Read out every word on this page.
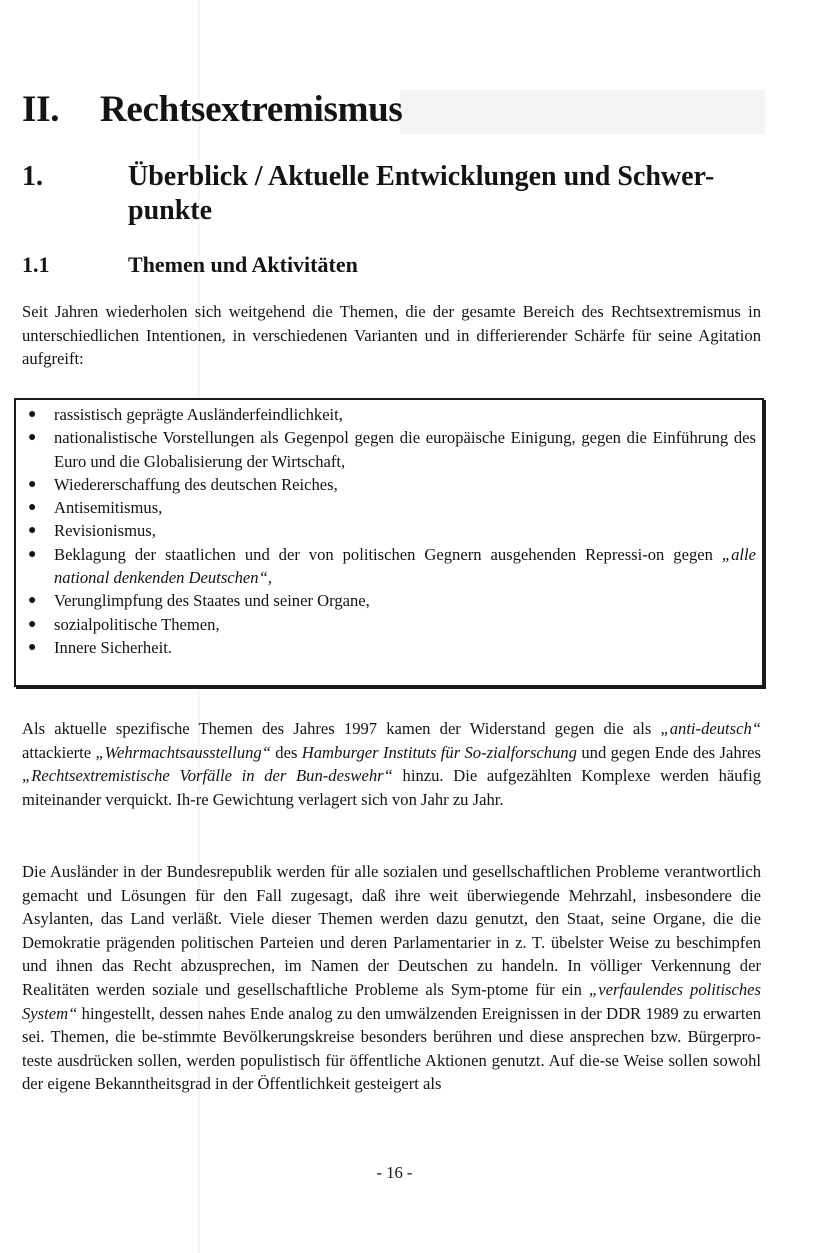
II. Rechtsextremismus
1.	Überblick / Aktuelle Entwicklungen und Schwer-punkte
1.1	Themen und Aktivitäten

Seit Jahren wiederholen sich weitgehend die Themen, die der gesamte Bereich des Rechtsextremismus in unterschiedlichen Intentionen, in verschiedenen Varianten und in differierender Schärfe für seine Agitation aufgreift:

● rassistisch geprägte Ausländerfeindlichkeit,
● nationalistische Vorstellungen als Gegenpol gegen die europäische Einigung, gegen die Einführung des Euro und die Globalisierung der Wirtschaft,
● Wiedererschaffung des deutschen Reiches,
● Antisemitismus,
● Revisionismus,
● Beklagung der staatlichen und der von politischen Gegnern ausgehenden Repressi-on gegen „alle national denkenden Deutschen“,
● Verunglimpfung des Staates und seiner Organe,
● sozialpolitische Themen,
● Innere Sicherheit.

Als aktuelle spezifische Themen des Jahres 1997 kamen der Widerstand gegen die als „anti-deutsch“ attackierte „Wehrmachtsausstellung“ des Hamburger Instituts für So-zialforschung und gegen Ende des Jahres „Rechtsextremistische Vorfälle in der Bun-deswehr“ hinzu. Die aufgezählten Komplexe werden häufig miteinander verquickt. Ih-re Gewichtung verlagert sich von Jahr zu Jahr.

Die Ausländer in der Bundesrepublik werden für alle sozialen und gesellschaftlichen Probleme verantwortlich gemacht und Lösungen für den Fall zugesagt, daß ihre weit überwiegende Mehrzahl, insbesondere die Asylanten, das Land verläßt. Viele dieser Themen werden dazu genutzt, den Staat, seine Organe, die die Demokratie prägenden politischen Parteien und deren Parlamentarier in z. T. übelster Weise zu beschimpfen und ihnen das Recht abzusprechen, im Namen der Deutschen zu handeln. In völliger Verkennung der Realitäten werden soziale und gesellschaftliche Probleme als Sym-ptome für ein „verfaulendes politisches System“ hingestellt, dessen nahes Ende analog zu den umwälzenden Ereignissen in der DDR 1989 zu erwarten sei. Themen, die be-stimmte Bevölkerungskreise besonders berühren und diese ansprechen bzw. Bürgerpro-teste ausdrücken sollen, werden populistisch für öffentliche Aktionen genutzt. Auf die-se Weise sollen sowohl der eigene Bekanntheitsgrad in der Öffentlichkeit gesteigert als

- 16 -
